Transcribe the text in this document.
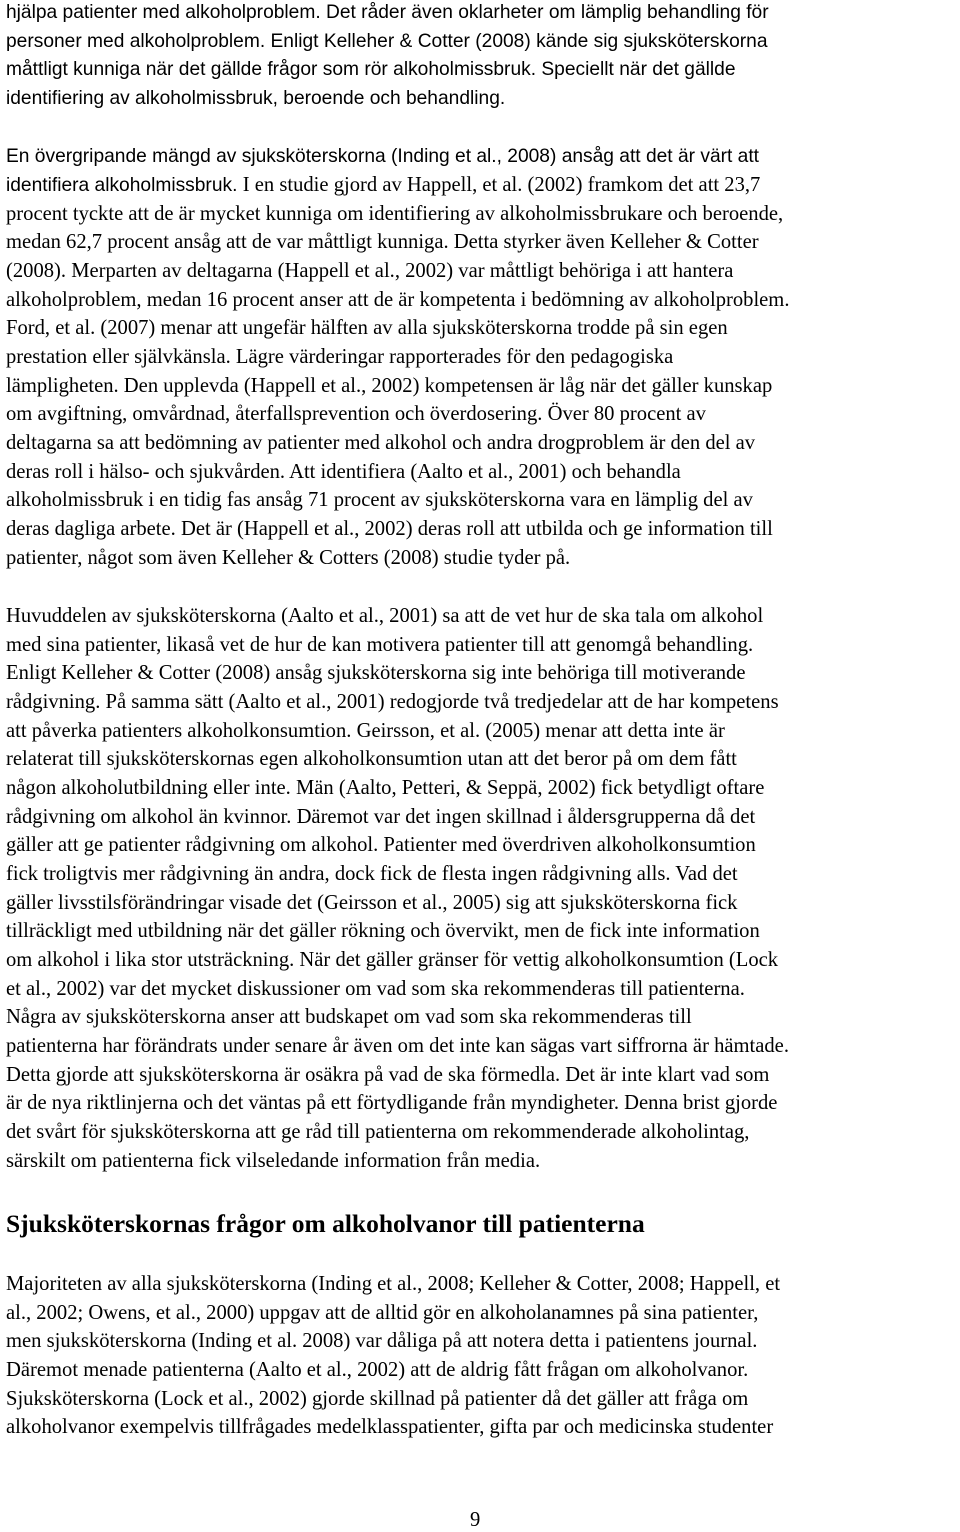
hjälpa patienter med alkoholproblem. Det råder även oklarheter om lämplig behandling för
personer med alkoholproblem. Enligt Kelleher & Cotter (2008) kände sig sjuksköterskorna
måttligt kunniga när det gällde frågor som rör alkoholmissbruk. Speciellt när det gällde
identifiering av alkoholmissbruk, beroende och behandling.
En övergripande mängd av sjuksköterskorna (Inding et al., 2008) ansåg att det är värt att
identifiera alkoholmissbruk. I en studie gjord av Happell, et al. (2002) framkom det att 23,7
procent tyckte att de är mycket kunniga om identifiering av alkoholmissbrukare och beroende,
medan 62,7 procent ansåg att de var måttligt kunniga. Detta styrker även Kelleher & Cotter
(2008). Merparten av deltagarna (Happell et al., 2002) var måttligt behöriga i att hantera
alkoholproblem, medan 16 procent anser att de är kompetenta i bedömning av alkoholproblem.
Ford, et al. (2007) menar att ungefär hälften av alla sjuksköterskorna trodde på sin egen
prestation eller självkänsla. Lägre värderingar rapporterades för den pedagogiska
lämpligheten. Den upplevda (Happell et al., 2002) kompetensen är låg när det gäller kunskap
om avgiftning, omvårdnad, återfallsprevention och överdosering. Över 80 procent av
deltagarna sa att bedömning av patienter med alkohol och andra drogproblem är den del av
deras roll i hälso- och sjukvården. Att identifiera (Aalto et al., 2001) och behandla
alkoholmissbruk i en tidig fas ansåg 71 procent av sjuksköterskorna vara en lämplig del av
deras dagliga arbete. Det är (Happell et al., 2002) deras roll att utbilda och ge information till
patienter, något som även Kelleher & Cotters (2008) studie tyder på.
Huvuddelen av sjuksköterskorna (Aalto et al., 2001) sa att de vet hur de ska tala om alkohol
med sina patienter, likaså vet de hur de kan motivera patienter till att genomgå behandling.
Enligt Kelleher & Cotter (2008) ansåg sjuksköterskorna sig inte behöriga till motiverande
rådgivning. På samma sätt (Aalto et al., 2001) redogjorde två tredjedelar att de har kompetens
att påverka patienters alkoholkonsumtion. Geirsson, et al. (2005) menar att detta inte är
relaterat till sjuksköterskornas egen alkoholkonsumtion utan att det beror på om dem fått
någon alkoholutbildning eller inte. Män (Aalto, Petteri, & Seppä, 2002) fick betydligt oftare
rådgivning om alkohol än kvinnor. Däremot var det ingen skillnad i åldersgrupperna då det
gäller att ge patienter rådgivning om alkohol. Patienter med överdriven alkoholkonsumtion
fick troligtvis mer rådgivning än andra, dock fick de flesta ingen rådgivning alls. Vad det
gäller livsstilsförändringar visade det (Geirsson et al., 2005) sig att sjuksköterskorna fick
tillräckligt med utbildning när det gäller rökning och övervikt, men de fick inte information
om alkohol i lika stor utsträckning. När det gäller gränser för vettig alkoholkonsumtion (Lock
et al., 2002) var det mycket diskussioner om vad som ska rekommenderas till patienterna.
Några av sjuksköterskorna anser att budskapet om vad som ska rekommenderas till
patienterna har förändrats under senare år även om det inte kan sägas vart siffrorna är hämtade.
Detta gjorde att sjuksköterskorna är osäkra på vad de ska förmedla. Det är inte klart vad som
är de nya riktlinjerna och det väntas på ett förtydligande från myndigheter. Denna brist gjorde
det svårt för sjuksköterskorna att ge råd till patienterna om rekommenderade alkoholintag,
särskilt om patienterna fick vilseledande information från media.
Sjuksköterskornas frågor om alkoholvanor till patienterna
Majoriteten av alla sjuksköterskorna (Inding et al., 2008; Kelleher & Cotter, 2008; Happell, et
al., 2002; Owens, et al., 2000) uppgav att de alltid gör en alkoholanamnes på sina patienter,
men sjuksköterskorna (Inding et al. 2008) var dåliga på att notera detta i patientens journal.
Däremot menade patienterna (Aalto et al., 2002) att de aldrig fått frågan om alkoholvanor.
Sjuksköterskorna (Lock et al., 2002) gjorde skillnad på patienter då det gäller att fråga om
alkoholvanor exempelvis tillfrågades medelklasspatienter, gifta par och medicinska studenter
9
